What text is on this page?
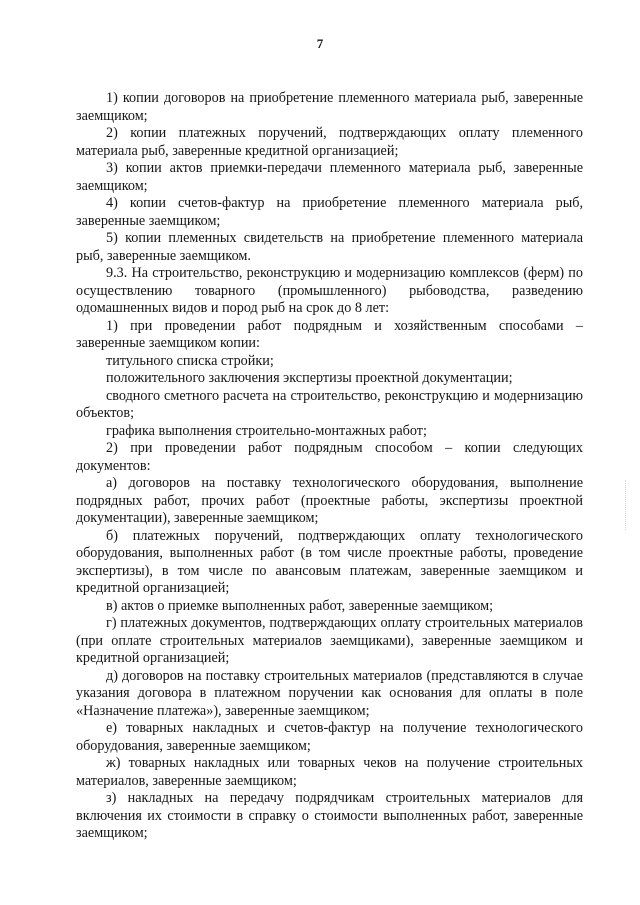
7

1) копии договоров на приобретение племенного материала рыб, заверенные заемщиком;

2) копии платежных поручений, подтверждающих оплату племенного материала рыб, заверенные кредитной организацией;

3) копии актов приемки-передачи племенного материала рыб, заверенные заемщиком;

4) копии счетов-фактур на приобретение племенного материала рыб, заверенные заемщиком;

5) копии племенных свидетельств на приобретение племенного материала рыб, заверенные заемщиком.

9.3. На строительство, реконструкцию и модернизацию комплексов (ферм) по осуществлению товарного (промышленного) рыбоводства, разведению одомашненных видов и пород рыб на срок до 8 лет:

1) при проведении работ подрядным и хозяйственным способами – заверенные заемщиком копии:

титульного списка стройки;

положительного заключения экспертизы проектной документации;

сводного сметного расчета на строительство, реконструкцию и модернизацию объектов;

графика выполнения строительно-монтажных работ;

2) при проведении работ подрядным способом – копии следующих документов:

а) договоров на поставку технологического оборудования, выполнение подрядных работ, прочих работ (проектные работы, экспертизы проектной документации), заверенные заемщиком;

б) платежных поручений, подтверждающих оплату технологического оборудования, выполненных работ (в том числе проектные работы, проведение экспертизы), в том числе по авансовым платежам, заверенные заемщиком и кредитной организацией;

в) актов о приемке выполненных работ, заверенные заемщиком;

г) платежных документов, подтверждающих оплату строительных материалов (при оплате строительных материалов заемщиками), заверенные заемщиком и кредитной организацией;

д) договоров на поставку строительных материалов (представляются в случае указания договора в платежном поручении как основания для оплаты в поле «Назначение платежа»), заверенные заемщиком;

е) товарных накладных и счетов-фактур на получение технологического оборудования, заверенные заемщиком;

ж) товарных накладных или товарных чеков на получение строительных материалов, заверенные заемщиком;

з) накладных на передачу подрядчикам строительных материалов для включения их стоимости в справку о стоимости выполненных работ, заверенные заемщиком;
